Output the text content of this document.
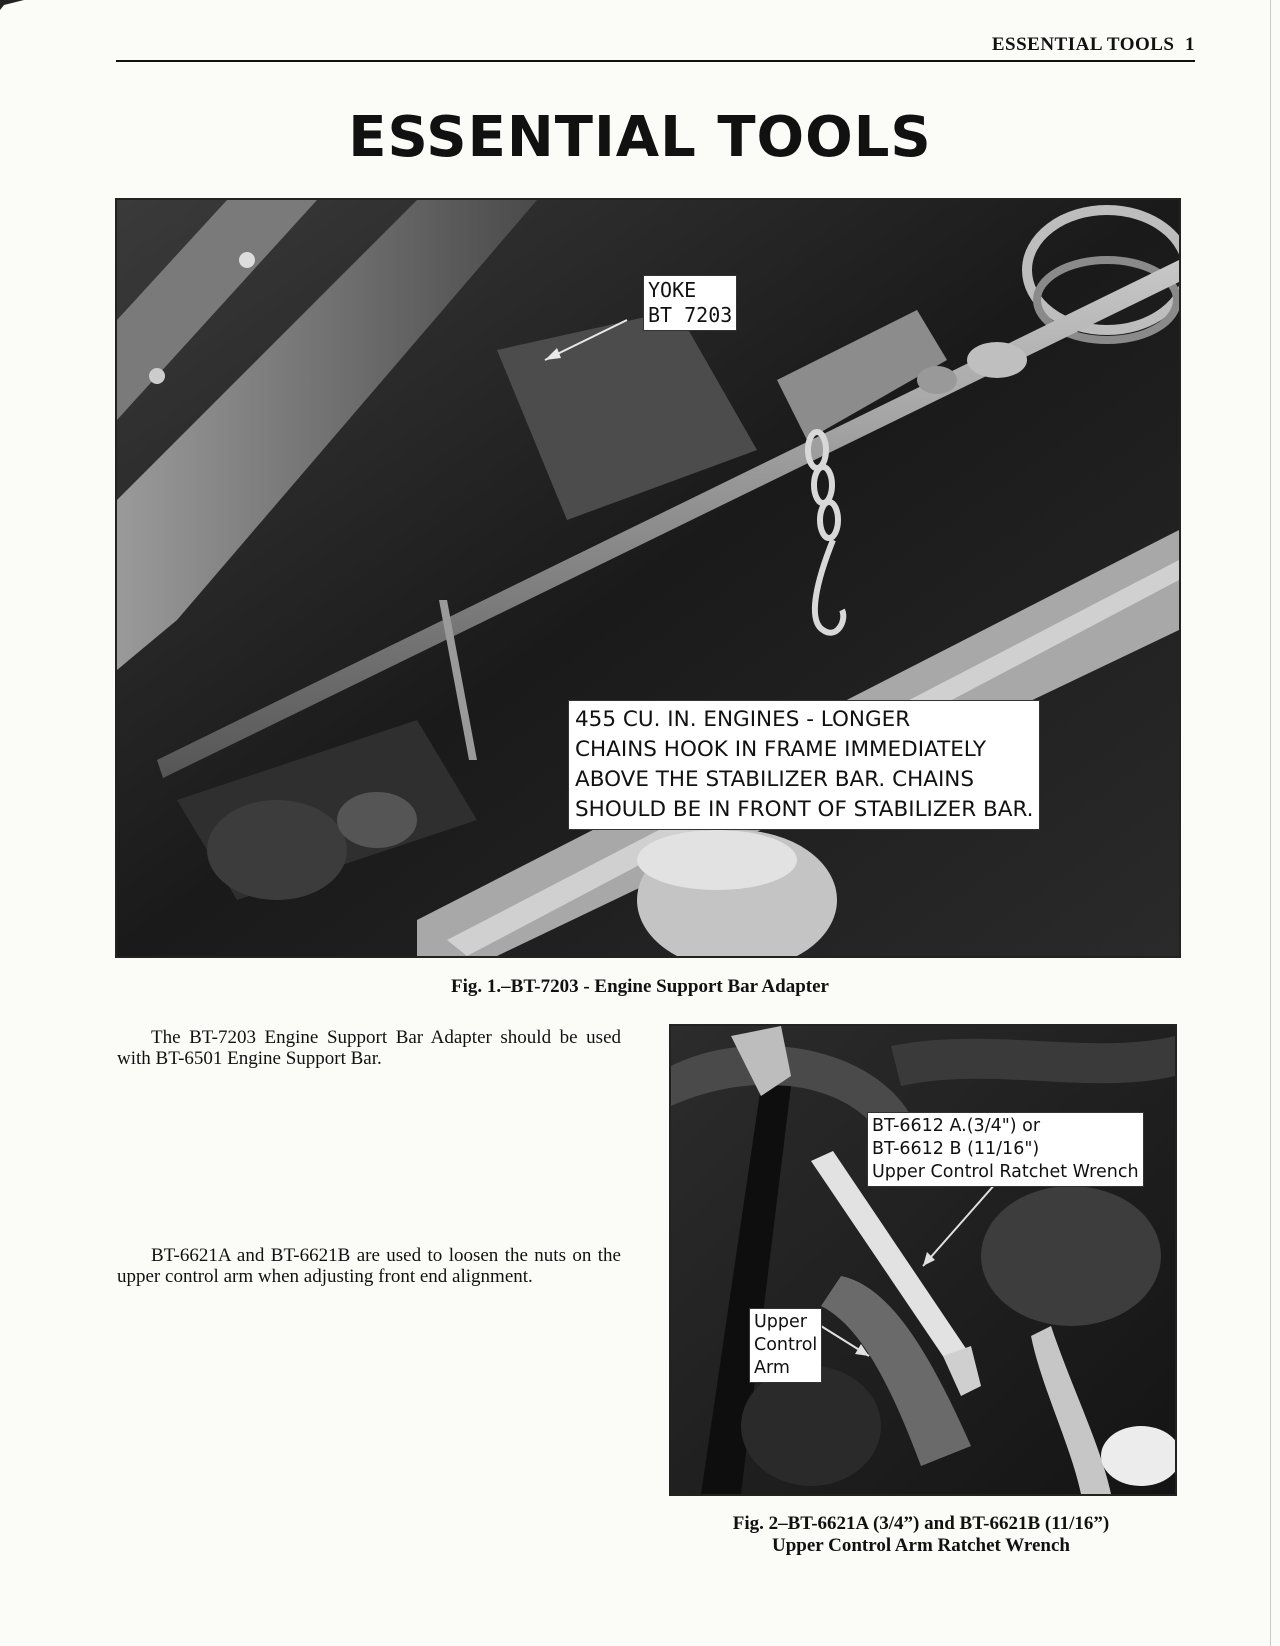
ESSENTIAL TOOLS 1
ESSENTIAL TOOLS
YOKE
BT 7203
455 CU. IN. ENGINES - LONGER
CHAINS HOOK IN FRAME IMMEDIATELY
ABOVE THE STABILIZER BAR. CHAINS
SHOULD BE IN FRONT OF STABILIZER BAR.
Fig. 1.–BT-7203 - Engine Support Bar Adapter
The BT-7203 Engine Support Bar Adapter should be used with BT-6501 Engine Support Bar.
BT-6621A and BT-6621B are used to loosen the nuts on the upper control arm when adjusting front end alignment.
BT-6612 A.(3/4") or
BT-6612 B (11/16")
Upper Control Ratchet Wrench
Upper
Control
Arm
Fig. 2–BT-6621A (3/4”) and BT-6621B (11/16”)
Upper Control Arm Ratchet Wrench
